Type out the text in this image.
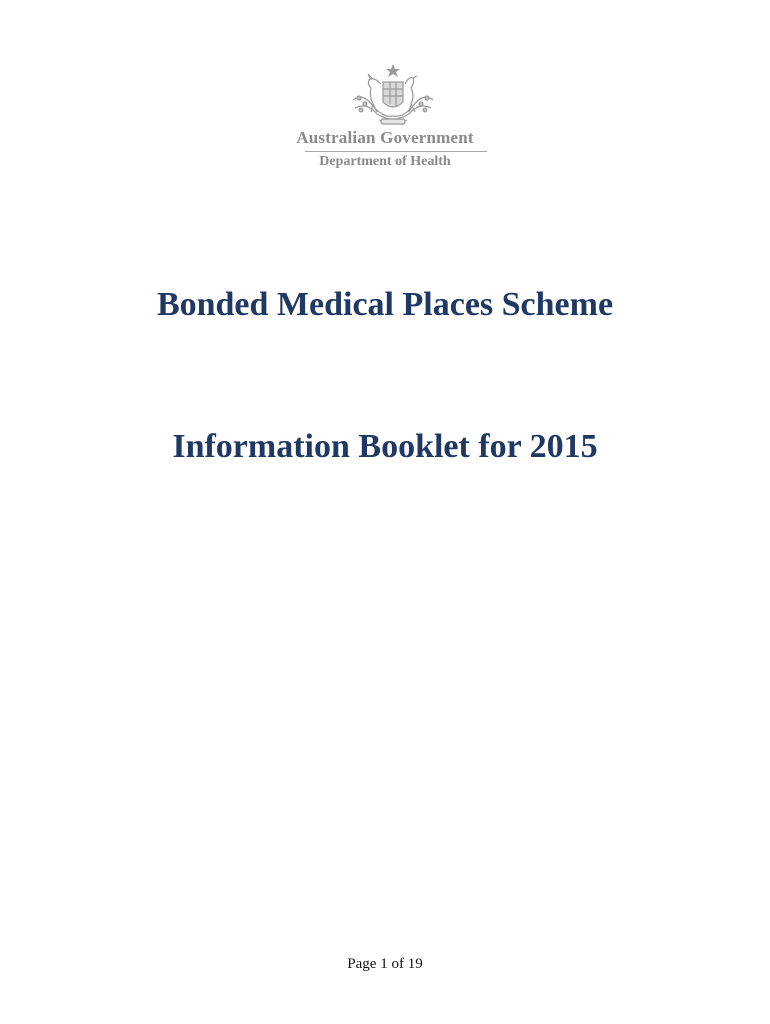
Australian Government
Department of Health
Bonded Medical Places Scheme
Information Booklet for 2015
Page 1 of 19
